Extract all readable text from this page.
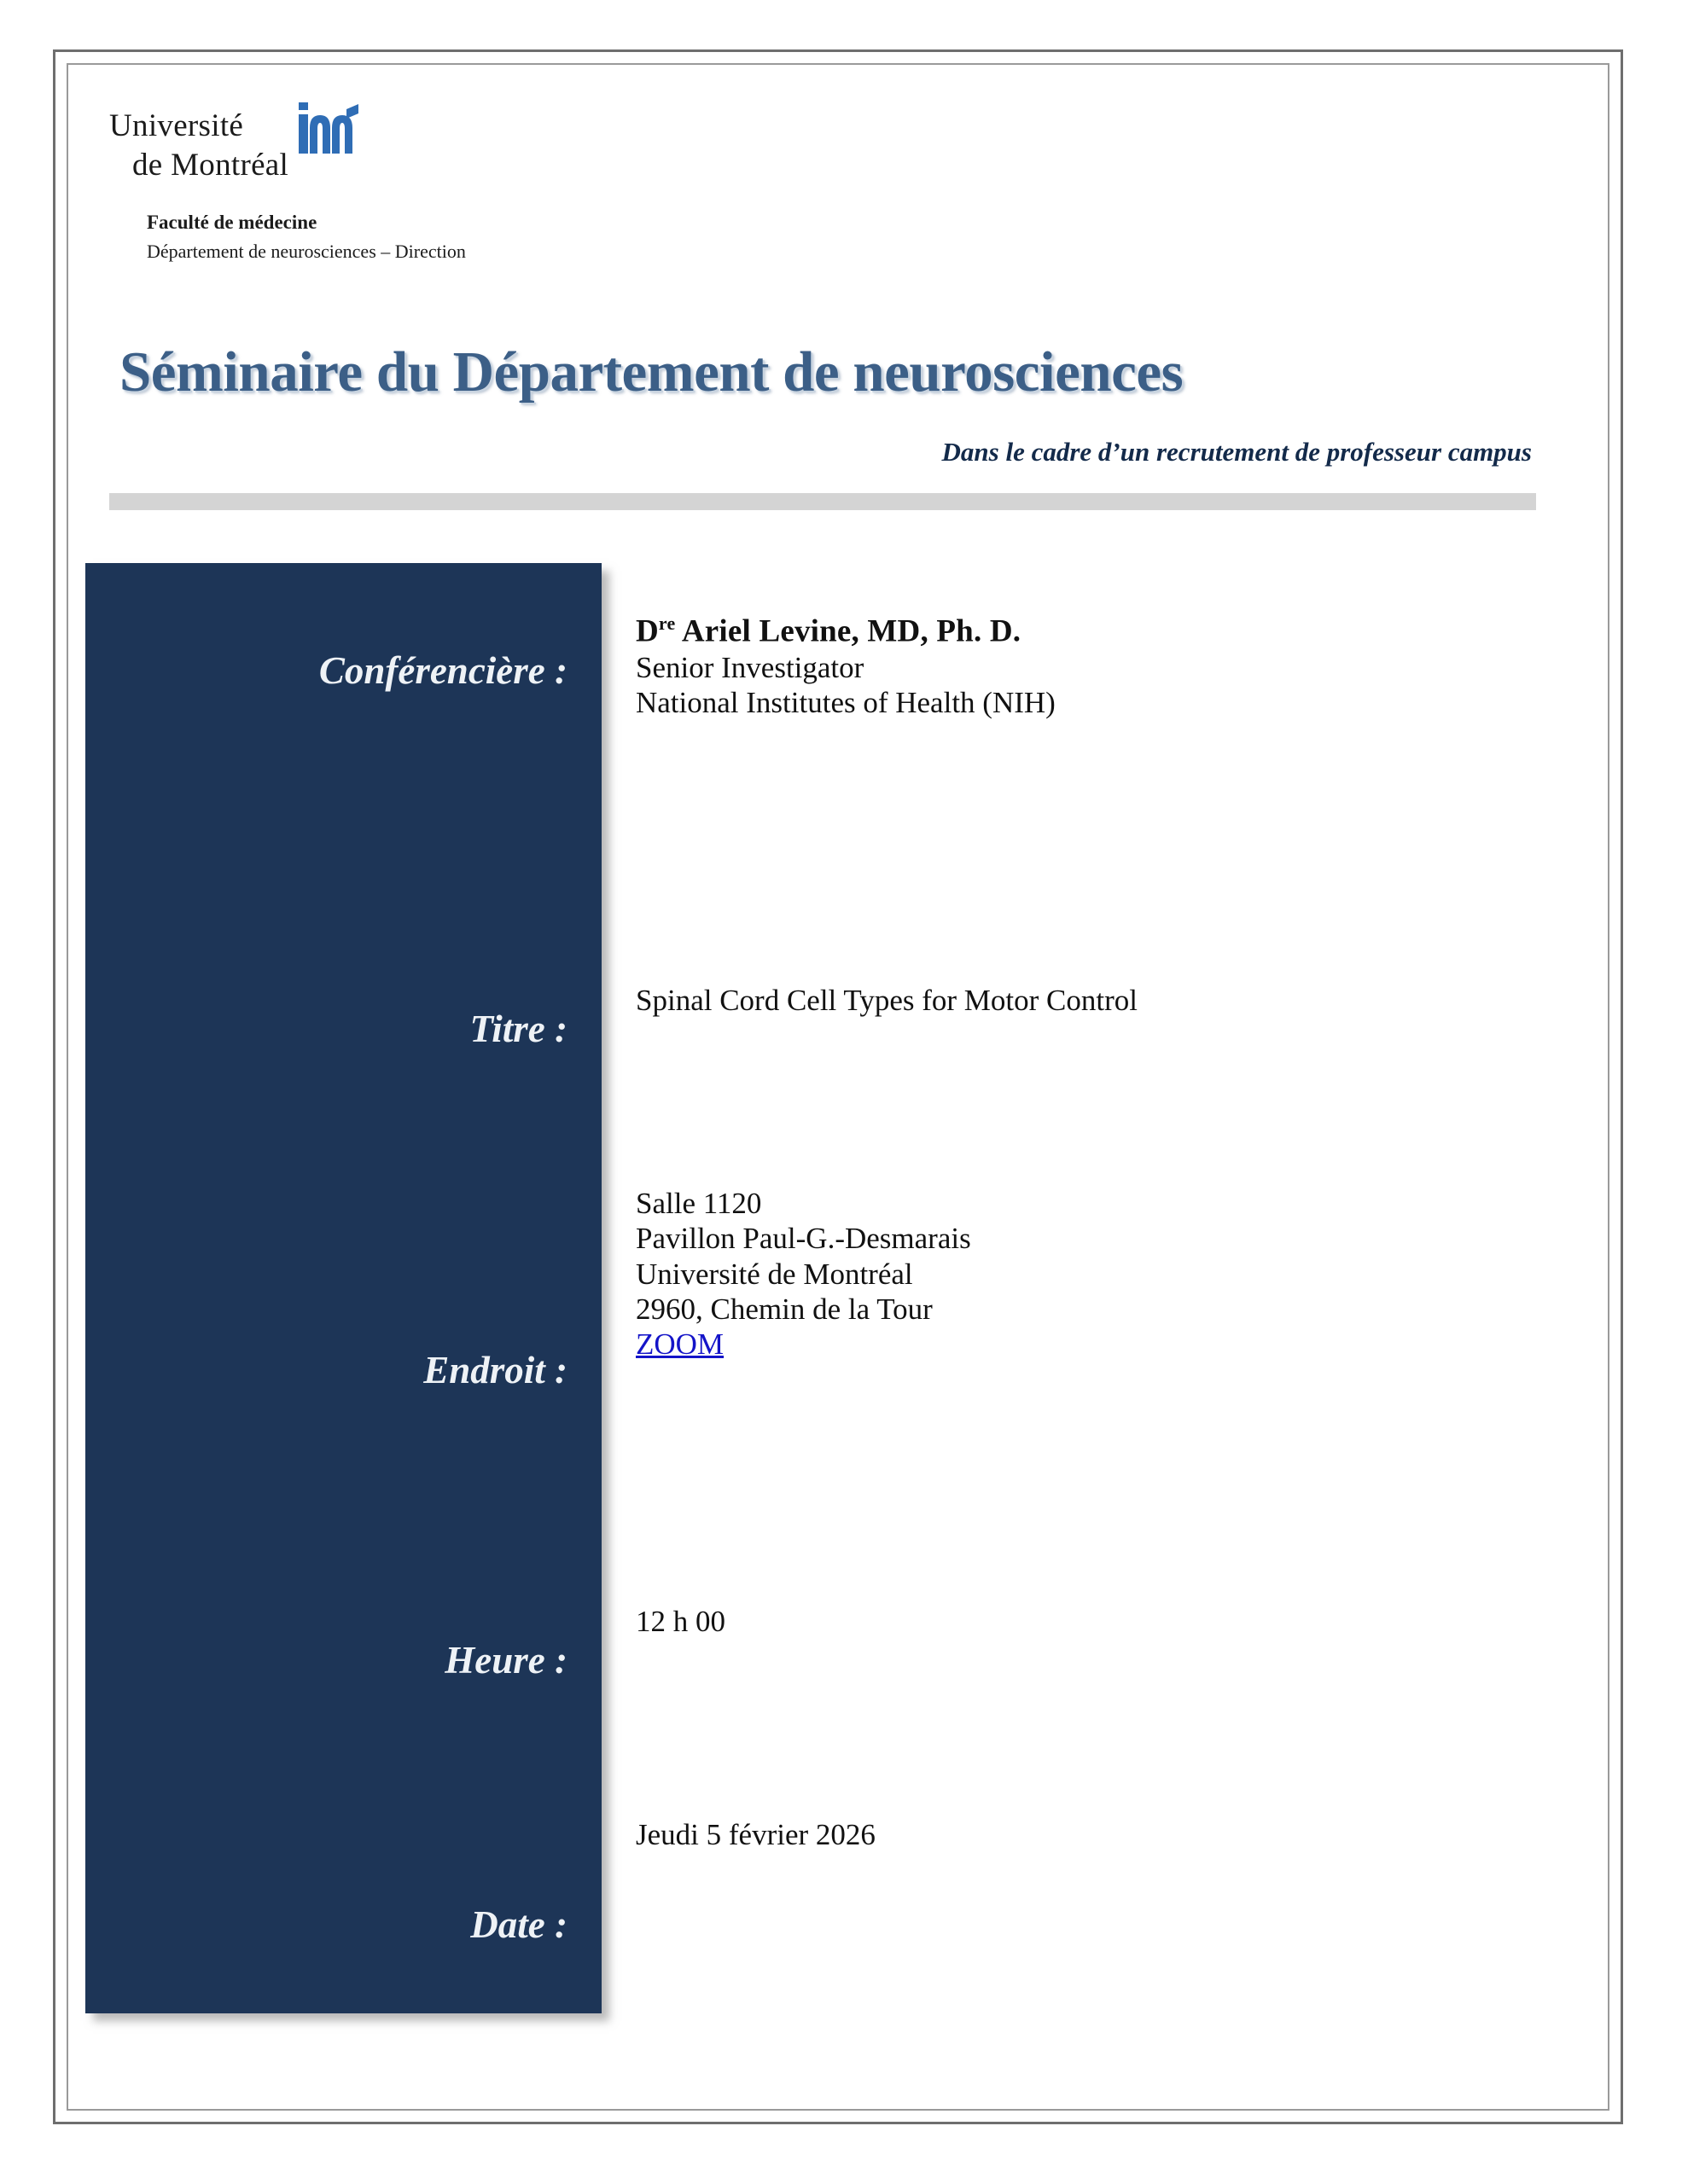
Université
de Montréal
Faculté de médecine
Département de neurosciences – Direction
Séminaire du Département de neurosciences
Dans le cadre d’un recrutement de professeur campus
Conférencière :
Titre :
Endroit :
Heure :
Date :
Dre Ariel Levine, MD, Ph. D.
Senior Investigator
National Institutes of Health (NIH)
Spinal Cord Cell Types for Motor Control
Salle 1120
Pavillon Paul-G.-Desmarais
Université de Montréal
2960, Chemin de la Tour
ZOOM
12 h 00
Jeudi 5 février 2026
